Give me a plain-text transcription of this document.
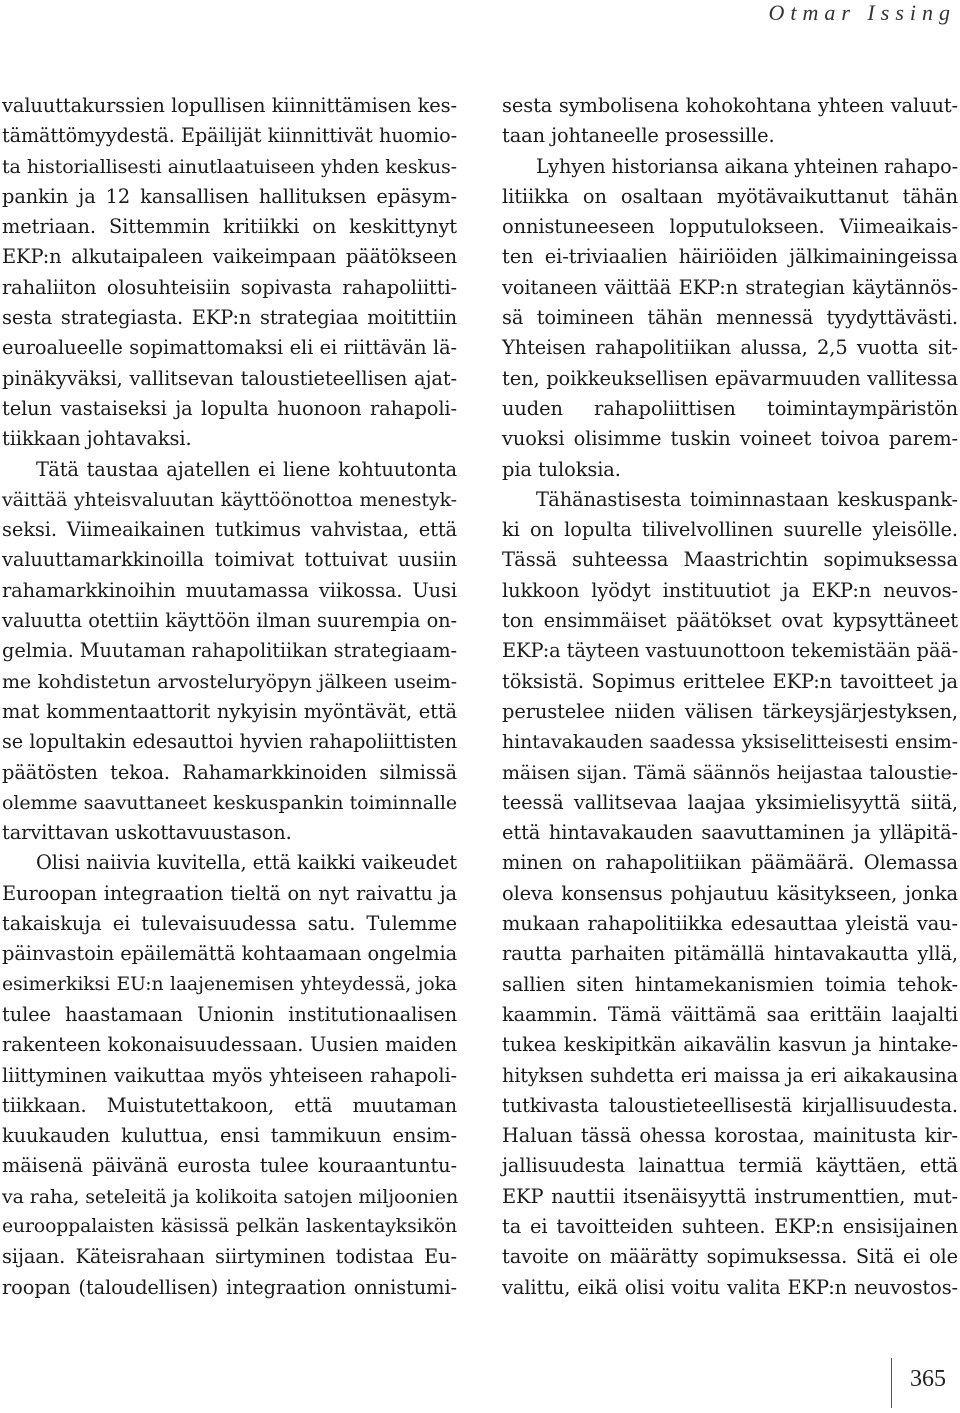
Otmar Issing
valuuttakurssien lopullisen kiinnittämisen kes-
tämättömyydestä. Epäilijät kiinnittivät huomio-
ta historiallisesti ainutlaatuiseen yhden keskus-
pankin ja 12 kansallisen hallituksen epäsym-
metriaan. Sittemmin kritiikki on keskittynyt
EKP:n alkutaipaleen vaikeimpaan päätökseen
rahaliiton olosuhteisiin sopivasta rahapoliitti-
sesta strategiasta. EKP:n strategiaa moitittiin
euroalueelle sopimattomaksi eli ei riittävän lä-
pinäkyväksi, vallitsevan taloustieteellisen ajat-
telun vastaiseksi ja lopulta huonoon rahapoli-
tiikkaan johtavaksi.
Tätä taustaa ajatellen ei liene kohtuutonta
väittää yhteisvaluutan käyttöönottoa menestyk-
seksi. Viimeaikainen tutkimus vahvistaa, että
valuuttamarkkinoilla toimivat tottuivat uusiin
rahamarkkinoihin muutamassa viikossa. Uusi
valuutta otettiin käyttöön ilman suurempia on-
gelmia. Muutaman rahapolitiikan strategiaam-
me kohdistetun arvosteluryöpyn jälkeen useim-
mat kommentaattorit nykyisin myöntävät, että
se lopultakin edesauttoi hyvien rahapoliittisten
päätösten tekoa. Rahamarkkinoiden silmissä
olemme saavuttaneet keskuspankin toiminnalle
tarvittavan uskottavuustason.
Olisi naiivia kuvitella, että kaikki vaikeudet
Euroopan integraation tieltä on nyt raivattu ja
takaiskuja ei tulevaisuudessa satu. Tulemme
päinvastoin epäilemättä kohtaamaan ongelmia
esimerkiksi EU:n laajenemisen yhteydessä, joka
tulee haastamaan Unionin institutionaalisen
rakenteen kokonaisuudessaan. Uusien maiden
liittyminen vaikuttaa myös yhteiseen rahapoli-
tiikkaan. Muistutettakoon, että muutaman
kuukauden kuluttua, ensi tammikuun ensim-
mäisenä päivänä eurosta tulee kouraantuntu-
va raha, seteleitä ja kolikoita satojen miljoonien
eurooppalaisten käsissä pelkän laskentayksikön
sijaan. Käteisrahaan siirtyminen todistaa Eu-
roopan (taloudellisen) integraation onnistumi-
sesta symbolisena kohokohtana yhteen valuut-
taan johtaneelle prosessille.
Lyhyen historiansa aikana yhteinen rahapo-
litiikka on osaltaan myötävaikuttanut tähän
onnistuneeseen lopputulokseen. Viimeaikais-
ten ei-triviaalien häiriöiden jälkimainingeissa
voitaneen väittää EKP:n strategian käytännös-
sä toimineen tähän mennessä tyydyttävästi.
Yhteisen rahapolitiikan alussa, 2,5 vuotta sit-
ten, poikkeuksellisen epävarmuuden vallitessa
uuden rahapoliittisen toimintaympäristön
vuoksi olisimme tuskin voineet toivoa parem-
pia tuloksia.
Tähänastisesta toiminnastaan keskuspank-
ki on lopulta tilivelvollinen suurelle yleisölle.
Tässä suhteessa Maastrichtin sopimuksessa
lukkoon lyödyt instituutiot ja EKP:n neuvos-
ton ensimmäiset päätökset ovat kypsyttäneet
EKP:a täyteen vastuunottoon tekemistään pää-
töksistä. Sopimus erittelee EKP:n tavoitteet ja
perustelee niiden välisen tärkeysjärjestyksen,
hintavakauden saadessa yksiselitteisesti ensim-
mäisen sijan. Tämä säännös heijastaa taloustie-
teessä vallitsevaa laajaa yksimielisyyttä siitä,
että hintavakauden saavuttaminen ja ylläpitä-
minen on rahapolitiikan päämäärä. Olemassa
oleva konsensus pohjautuu käsitykseen, jonka
mukaan rahapolitiikka edesauttaa yleistä vau-
rautta parhaiten pitämällä hintavakautta yllä,
sallien siten hintamekanismien toimia tehok-
kaammin. Tämä väittämä saa erittäin laajalti
tukea keskipitkän aikavälin kasvun ja hintake-
hityksen suhdetta eri maissa ja eri aikakausina
tutkivasta taloustieteellisestä kirjallisuudesta.
Haluan tässä ohessa korostaa, mainitusta kir-
jallisuudesta lainattua termiä käyttäen, että
EKP nauttii itsenäisyyttä instrumenttien, mut-
ta ei tavoitteiden suhteen. EKP:n ensisijainen
tavoite on määrätty sopimuksessa. Sitä ei ole
valittu, eikä olisi voitu valita EKP:n neuvostos-
365
